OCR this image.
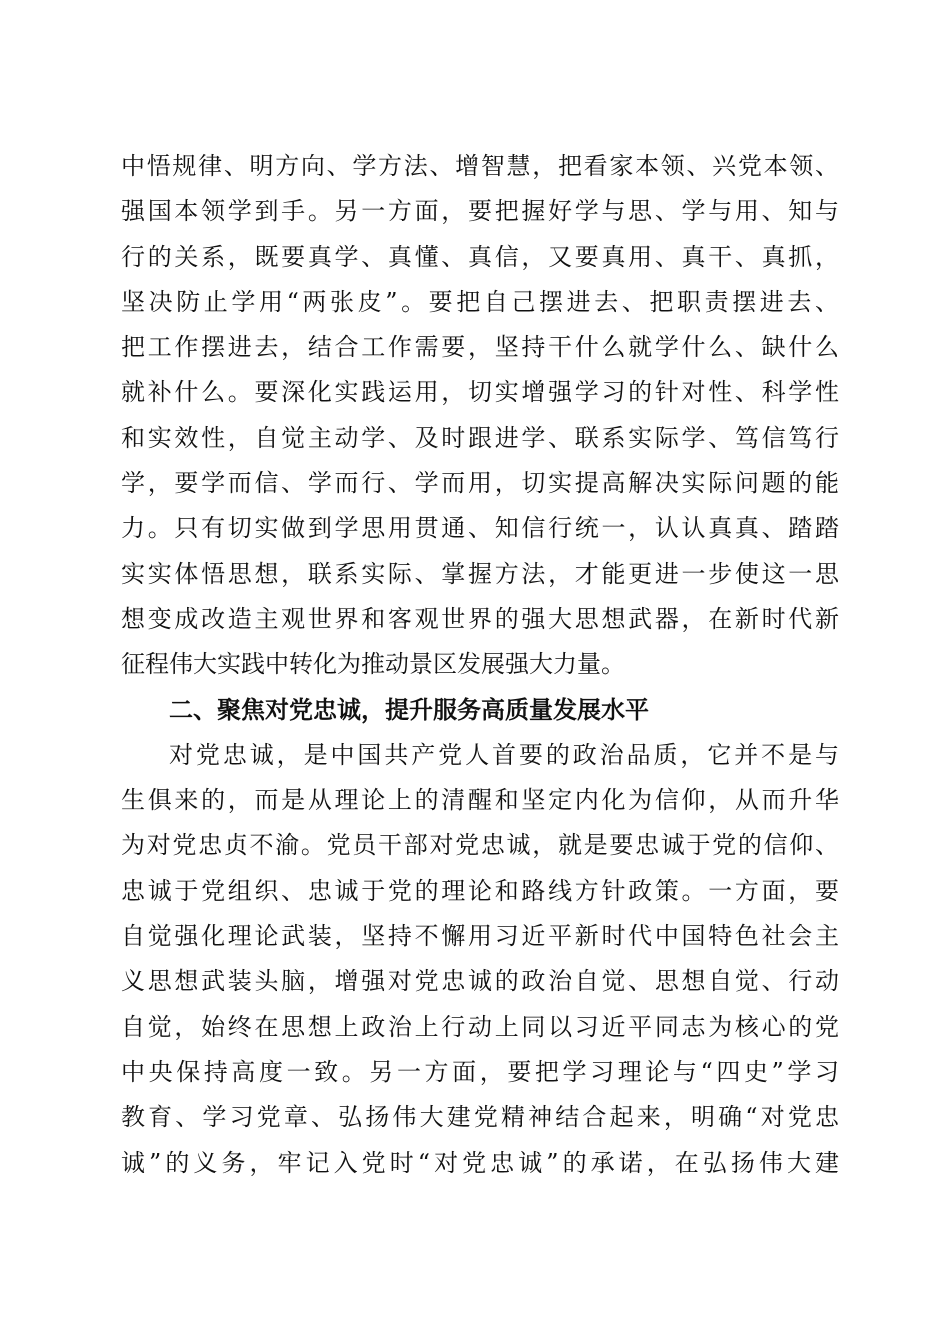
中悟规律、明方向、学方法、增智慧，把看家本领、兴党本领、
强国本领学到手。另一方面，要把握好学与思、学与用、知与
行的关系，既要真学、真懂、真信，又要真用、真干、真抓，
坚决防止学用“两张皮”。要把自己摆进去、把职责摆进去、
把工作摆进去，结合工作需要，坚持干什么就学什么、缺什么
就补什么。要深化实践运用，切实增强学习的针对性、科学性
和实效性，自觉主动学、及时跟进学、联系实际学、笃信笃行
学，要学而信、学而行、学而用，切实提高解决实际问题的能
力。只有切实做到学思用贯通、知信行统一，认认真真、踏踏
实实体悟思想，联系实际、掌握方法，才能更进一步使这一思
想变成改造主观世界和客观世界的强大思想武器，在新时代新
征程伟大实践中转化为推动景区发展强大力量。
二、聚焦对党忠诚，提升服务高质量发展水平
对党忠诚，是中国共产党人首要的政治品质，它并不是与
生俱来的，而是从理论上的清醒和坚定内化为信仰，从而升华
为对党忠贞不渝。党员干部对党忠诚，就是要忠诚于党的信仰、
忠诚于党组织、忠诚于党的理论和路线方针政策。一方面，要
自觉强化理论武装，坚持不懈用习近平新时代中国特色社会主
义思想武装头脑，增强对党忠诚的政治自觉、思想自觉、行动
自觉，始终在思想上政治上行动上同以习近平同志为核心的党
中央保持高度一致。另一方面，要把学习理论与“四史”学习
教育、学习党章、弘扬伟大建党精神结合起来，明确“对党忠
诚”的义务，牢记入党时“对党忠诚”的承诺，在弘扬伟大建
